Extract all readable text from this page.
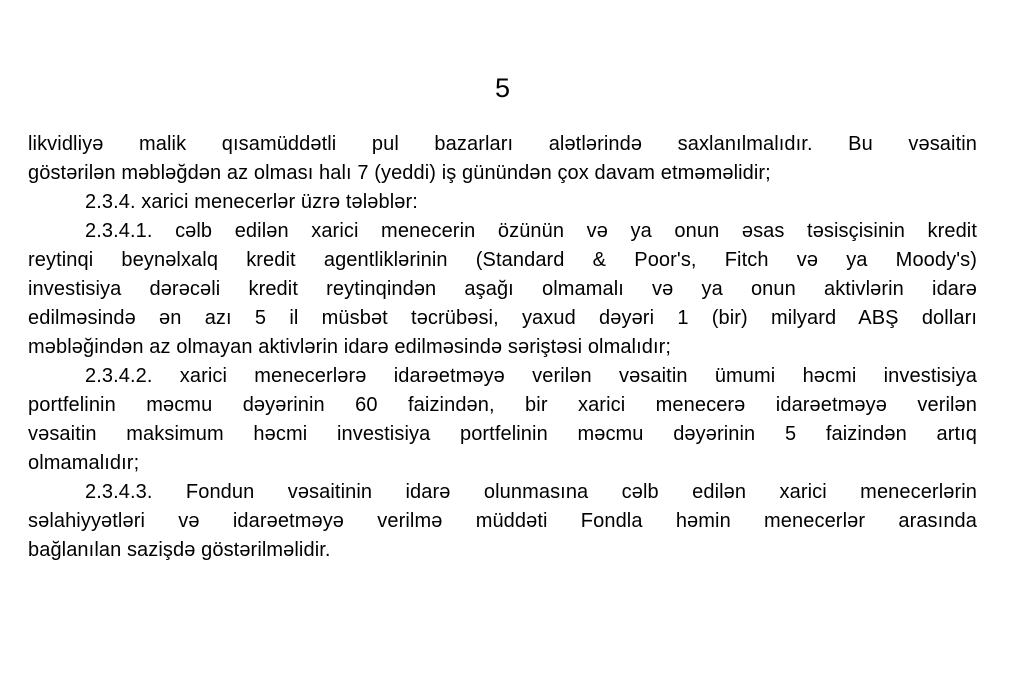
5

likvidliyə malik qısamüddətli pul bazarları alətlərində saxlanılmalıdır. Bu vəsaitin
göstərilən məbləğdən az olması halı 7 (yeddi) iş günündən çox davam etməməlidir;

2.3.4. xarici menecerlər üzrə tələblər:

2.3.4.1. cəlb edilən xarici menecerin özünün və ya onun əsas təsisçisinin kredit
reytinqi beynəlxalq kredit agentliklərinin (Standard & Poor's, Fitch və ya Moody's)
investisiya dərəcəli kredit reytinqindən aşağı olmamalı və ya onun aktivlərin idarə
edilməsində ən azı 5 il müsbət təcrübəsi, yaxud dəyəri 1 (bir) milyard ABŞ dolları
məbləğindən az olmayan aktivlərin idarə edilməsində səriştəsi olmalıdır;

2.3.4.2. xarici menecerlərə idarəetməyə verilən vəsaitin ümumi həcmi investisiya
portfelinin məcmu dəyərinin 60 faizindən, bir xarici menecerə idarəetməyə verilən
vəsaitin maksimum həcmi investisiya portfelinin məcmu dəyərinin 5 faizindən artıq
olmamalıdır;

2.3.4.3. Fondun vəsaitinin idarə olunmasına cəlb edilən xarici menecerlərin
səlahiyyətləri və idarəetməyə verilmə müddəti Fondla həmin menecerlər arasında
bağlanılan sazişdə göstərilməlidir.
